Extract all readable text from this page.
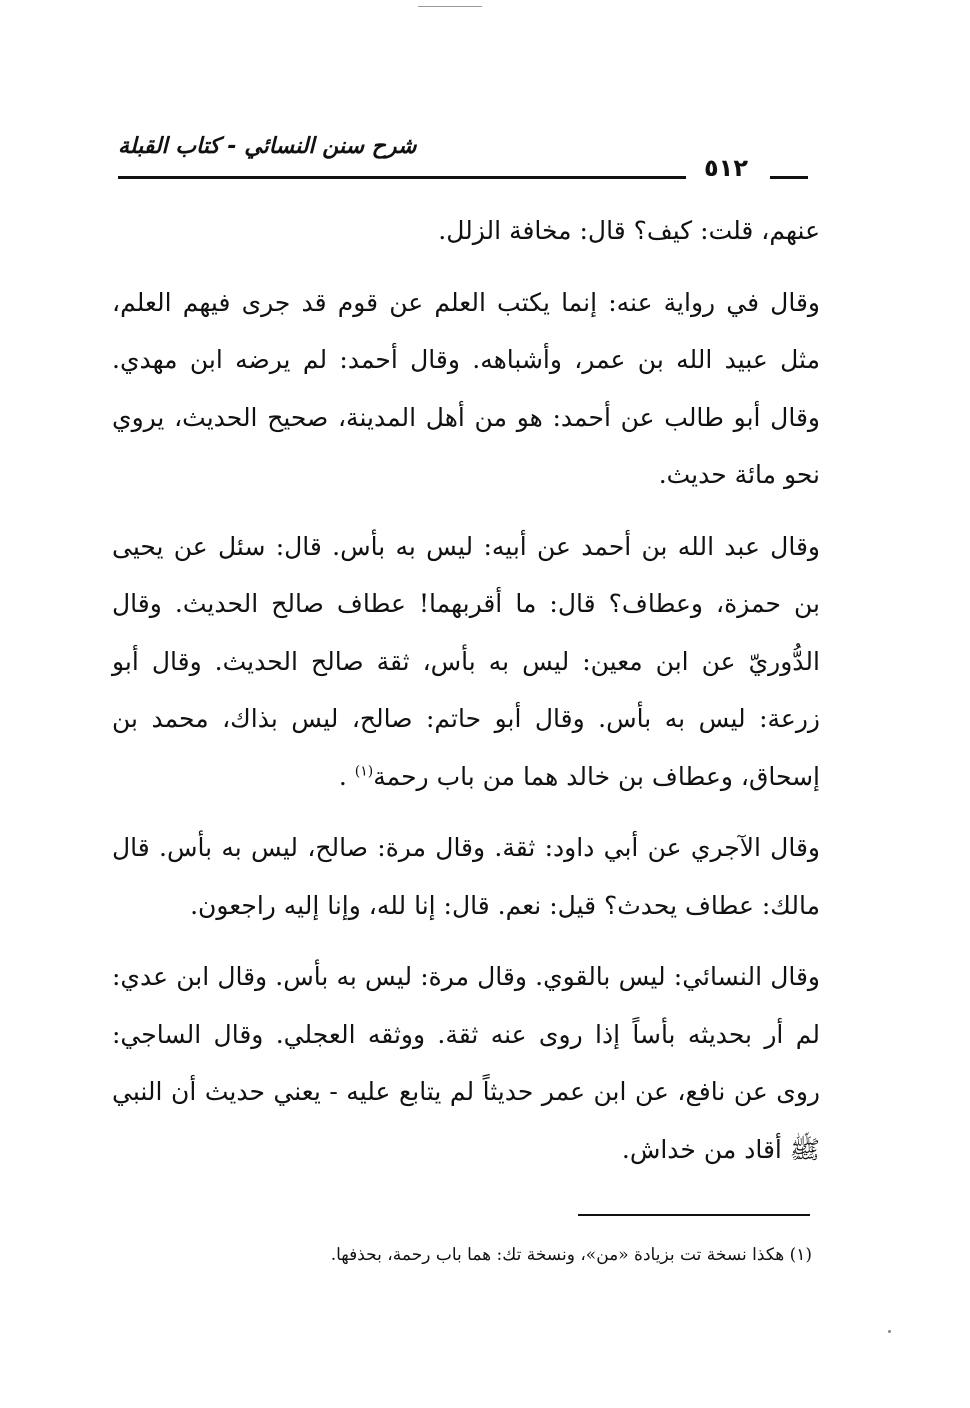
شرح سنن النسائي - كتاب القبلة
٥١٢

عنهم، قلت: كيف؟ قال: مخافة الزلل.

وقال في رواية عنه: إنما يكتب العلم عن قوم قد جرى فيهم العلم، مثل عبيد الله بن عمر، وأشباهه. وقال أحمد: لم يرضه ابن مهدي. وقال أبو طالب عن أحمد: هو من أهل المدينة، صحيح الحديث، يروي نحو مائة حديث.

وقال عبد الله بن أحمد عن أبيه: ليس به بأس. قال: سئل عن يحيى بن حمزة، وعطاف؟ قال: ما أقربهما! عطاف صالح الحديث. وقال الدُّوريّ عن ابن معين: ليس به بأس، ثقة صالح الحديث. وقال أبو زرعة: ليس به بأس. وقال أبو حاتم: صالح، ليس بذاك، محمد بن إسحاق، وعطاف بن خالد هما من باب رحمة$^{(١)}$ .

وقال الآجري عن أبي داود: ثقة. وقال مرة: صالح، ليس به بأس. قال مالك: عطاف يحدث؟ قيل: نعم. قال: إنا لله، وإنا إليه راجعون.

وقال النسائي: ليس بالقوي. وقال مرة: ليس به بأس. وقال ابن عدي: لم أر بحديثه بأساً إذا روى عنه ثقة. ووثقه العجلي. وقال الساجي: روى عن نافع، عن ابن عمر حديثاً لم يتابع عليه - يعني حديث أن النبي ﷺ أقاد من خداش.

(١) هكذا نسخة تت بزيادة «من»، ونسخة تك: هما باب رحمة، بحذفها.
